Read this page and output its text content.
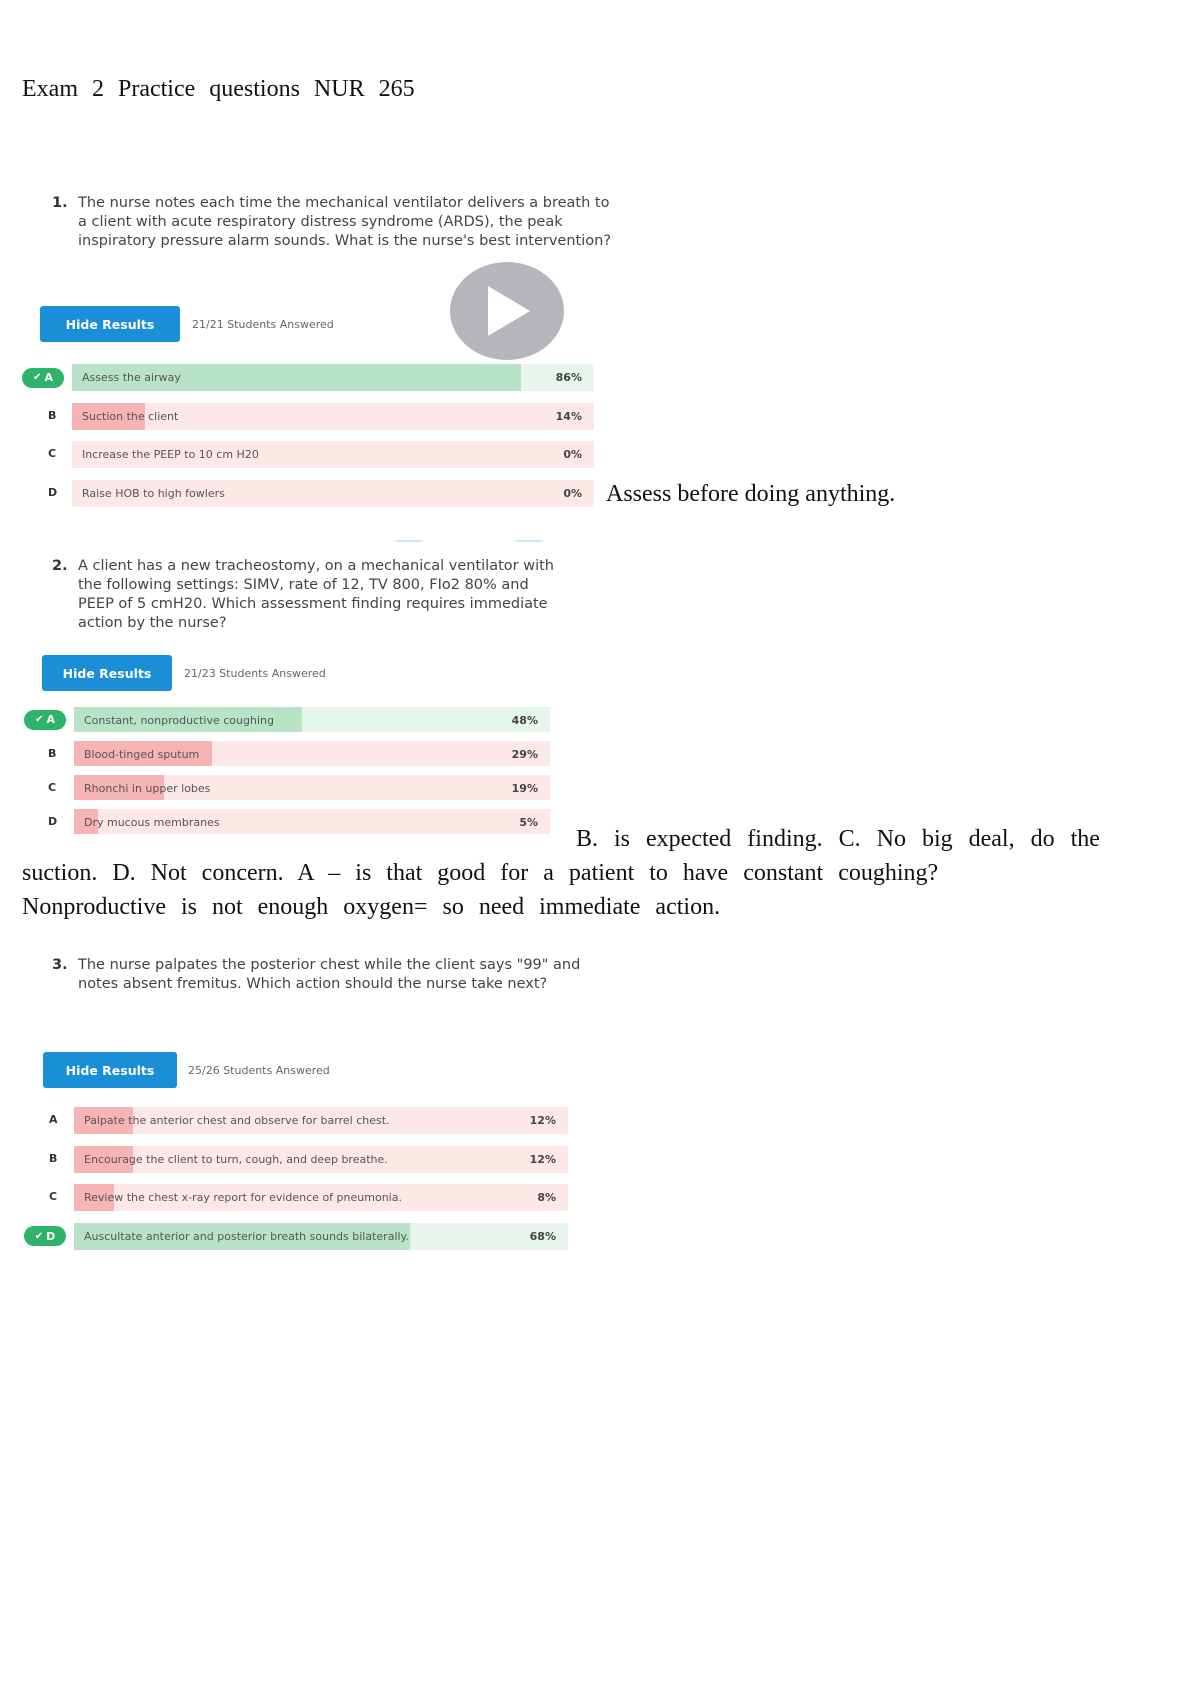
Exam 2 Practice questions NUR 265
1. The nurse notes each time the mechanical ventilator delivers a breath to a client with acute respiratory distress syndrome (ARDS), the peak inspiratory pressure alarm sounds. What is the nurse's best intervention?
Hide Results	21/21 Students Answered
✔ A	Assess the airway	86%
B Suction the client	14%
C Increase the PEEP to 10 cm H20	0%
D Raise HOB to high fowlers	0% Assess before doing anything.
2. A client has a new tracheostomy, on a mechanical ventilator with the following settings: SIMV, rate of 12, TV 800, FIo2 80% and PEEP of 5 cmH20. Which assessment finding requires immediate action by the nurse?
Hide Results	21/23 Students Answered
✔ A	Constant, nonproductive coughing	48%
B	Blood-tinged sputum	29%
C	Rhonchi in upper lobes	19%
D Dry mucous membranes	5%
B. is expected finding. C. No big deal, do the
suction. D. Not concern. A – is that good for a patient to have constant coughing?
Nonproductive is not enough oxygen= so need immediate action.
3. The nurse palpates the posterior chest while the client says "99" and notes absent fremitus. Which action should the nurse take next?
Hide Results	25/26 Students Answered
A Palpate the anterior chest and observe for barrel chest.	12%
B Encourage the client to turn, cough, and deep breathe.	12%
C Review the chest x-ray report for evidence of pneumonia.	8%
✔ D	Auscultate anterior and posterior breath sounds bilaterally.	68%
